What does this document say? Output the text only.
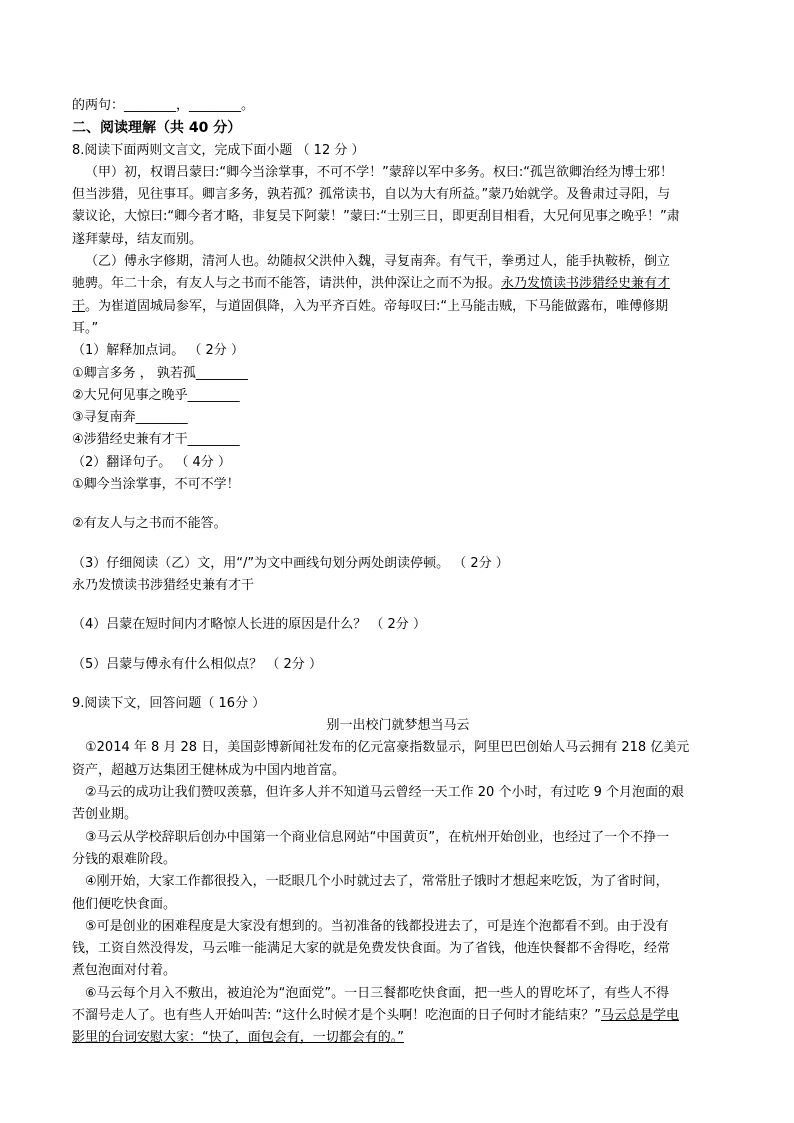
的两句：________，________。
二、阅读理解（共 40 分）
8.阅读下面两则文言文，完成下面小题 （ 12 分 ）
（甲）初，权谓吕蒙曰:“卿今当涂掌事，不可不学！”蒙辞以军中多务。权曰:“孤岂欲卿治经为博士邪！
但当涉猎，见往事耳。卿言多务，孰若孤？孤常读书，自以为大有所益。”蒙乃始就学。及鲁肃过寻阳，与
蒙议论，大惊曰:“卿今者才略，非复吴下阿蒙！”蒙曰:“士别三日，即更刮目相看，大兄何见事之晚乎！”肃
遂拜蒙母，结友而别。
（乙）傅永字修期，清河人也。幼随叔父洪仲入魏，寻复南奔。有气干，拳勇过人，能手执鞍桥，倒立
驰骋。年二十余，有友人与之书而不能答，请洪仲，洪仲深让之而不为报。永乃发愤读书涉猎经史兼有才
干。为崔道固城局参军，与道固俱降，入为平齐百姓。帝每叹曰:“上马能击贼，下马能做露布，唯傅修期
耳。”
（1）解释加点词。 （ 2分 ）
①卿言多务 ， 孰若孤________
②大兄何见事之晚乎________
③寻复南奔________
④涉猎经史兼有才干________
（2）翻译句子。 （ 4分 ）
①卿今当涂掌事，不可不学！
②有友人与之书而不能答。
（3）仔细阅读（乙）文，用“/”为文中画线句划分两处朗读停顿。 （ 2分 ）
永乃发愤读书涉猎经史兼有才干
（4）吕蒙在短时间内才略惊人长进的原因是什么？ （ 2分 ）
（5）吕蒙与傅永有什么相似点？ （ 2分 ）
9.阅读下文，回答问题（ 16分 ）
别一出校门就梦想当马云
①2014 年 8 月 28 日，美国彭博新闻社发布的亿元富豪指数显示，阿里巴巴创始人马云拥有 218 亿美元
资产，超越万达集团王健林成为中国内地首富。
②马云的成功让我们赞叹羡慕，但许多人并不知道马云曾经一天工作 20 个小时，有过吃 9 个月泡面的艰
苦创业期。
③马云从学校辞职后创办中国第一个商业信息网站“中国黄页”，在杭州开始创业，也经过了一个不挣一
分钱的艰难阶段。
④刚开始，大家工作都很投入，一眨眼几个小时就过去了，常常肚子饿时才想起来吃饭，为了省时间，
他们便吃快食面。
⑤可是创业的困难程度是大家没有想到的。当初准备的钱都投进去了，可是连个泡都看不到。由于没有
钱，工资自然没得发，马云唯一能满足大家的就是免费发快食面。为了省钱，他连快餐都不舍得吃，经常
煮包泡面对付着。
⑥马云每个月入不敷出，被迫沦为“泡面党”。一日三餐都吃快食面，把一些人的胃吃坏了，有些人不得
不溜号走人了。也有些人开始叫苦: “这什么时候才是个头啊！吃泡面的日子何时才能结束？”马云总是学电
影里的台词安慰大家：“快了，面包会有，一切都会有的。”
